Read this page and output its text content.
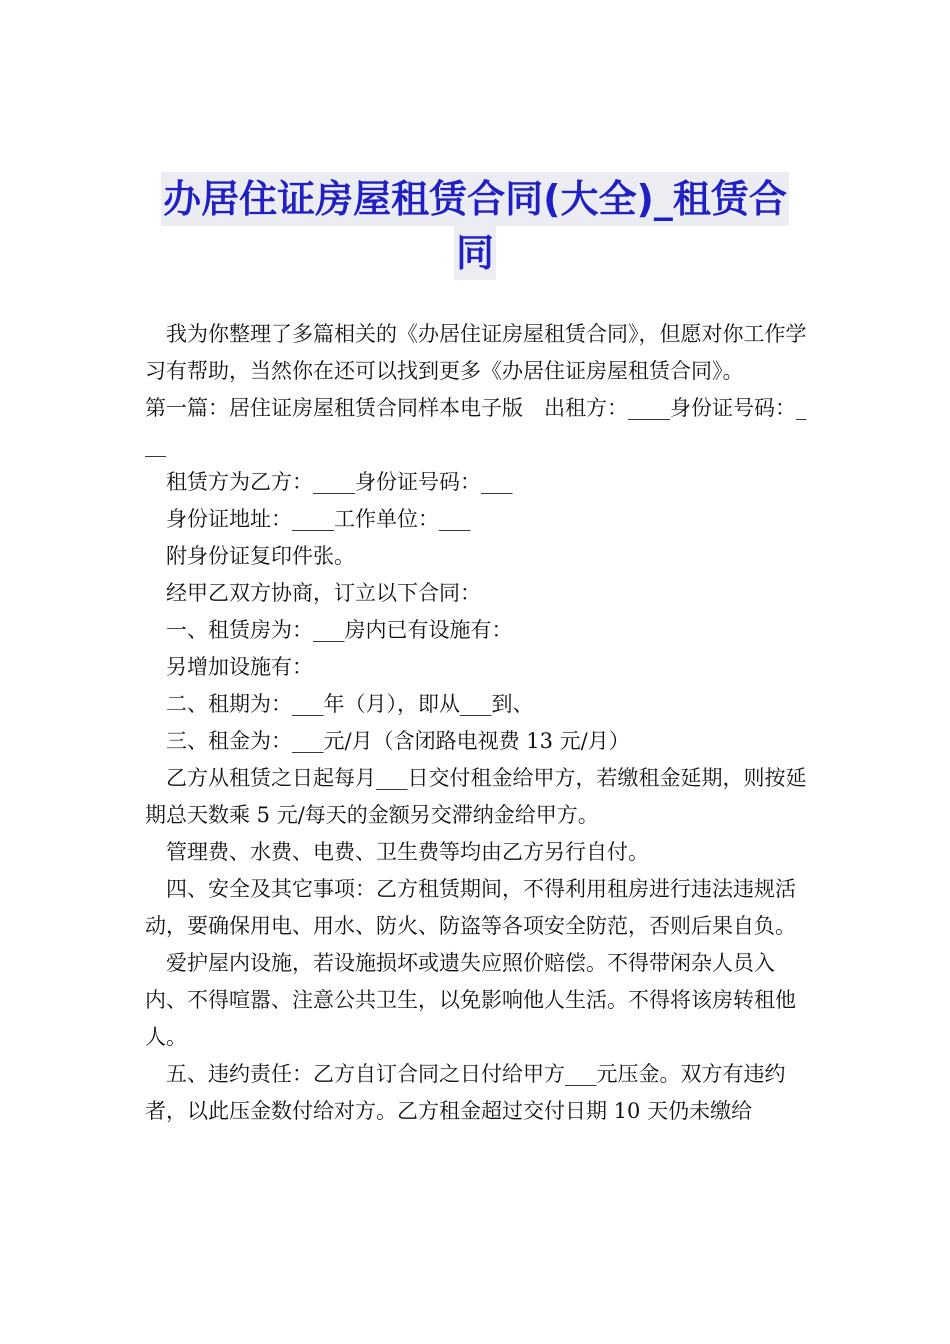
办居住证房屋租赁合同(大全)_租赁合
同

我为你整理了多篇相关的《办居住证房屋租赁合同》，但愿对你工作学习有帮助，当然你在还可以找到更多《办居住证房屋租赁合同》。

第一篇：居住证房屋租赁合同样本电子版　出租方：____身份证号码：___

租赁方为乙方：____身份证号码：___

身份证地址：____工作单位：___

附身份证复印件张。

经甲乙双方协商，订立以下合同：

一、租赁房为：___房内已有设施有：

另增加设施有：

二、租期为：___年（月），即从___到、

三、租金为：___元/月（含闭路电视费 13 元/月）

乙方从租赁之日起每月___日交付租金给甲方，若缴租金延期，则按延期总天数乘 5 元/每天的金额另交滞纳金给甲方。

管理费、水费、电费、卫生费等均由乙方另行自付。

四、安全及其它事项：乙方租赁期间，不得利用租房进行违法违规活动，要确保用电、用水、防火、防盗等各项安全防范，否则后果自负。

爱护屋内设施，若设施损坏或遗失应照价赔偿。不得带闲杂人员入内、不得喧嚣、注意公共卫生，以免影响他人生活。不得将该房转租他人。

五、违约责任：乙方自订合同之日付给甲方___元压金。双方有违约者，以此压金数付给对方。乙方租金超过交付日期 10 天仍未缴给
